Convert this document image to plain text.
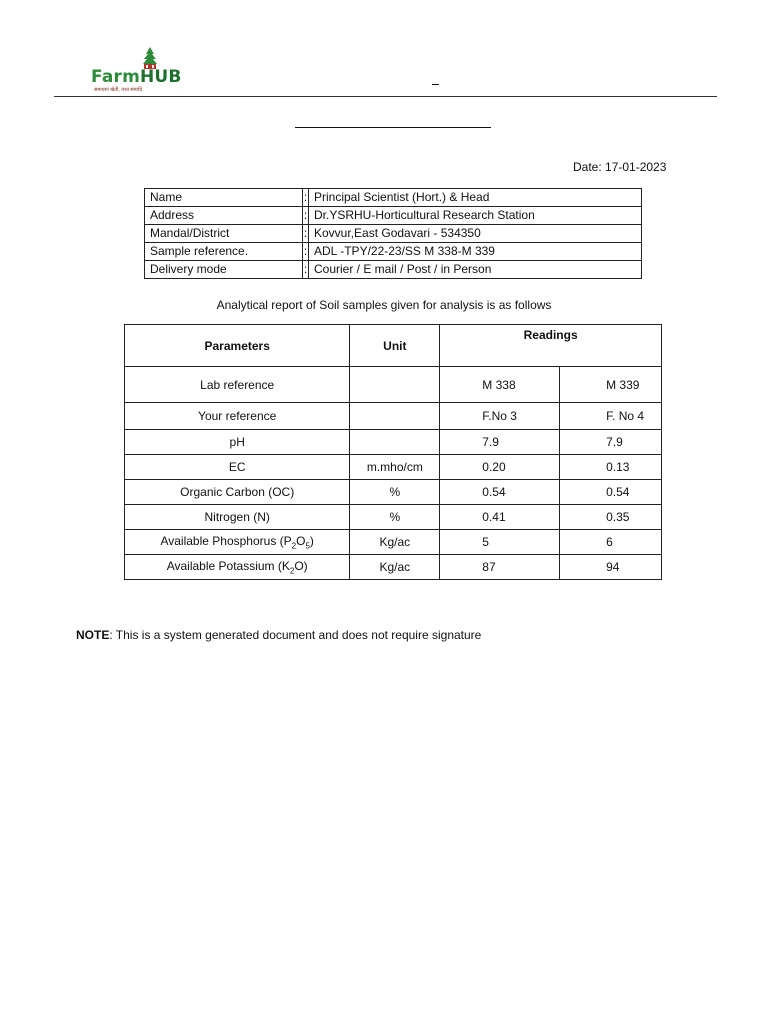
FarmHUB
समाधान खेती, तथ्य समाधि
Date: 17-01-2023
Name	:	Principal Scientist (Hort.) & Head
Address	:	Dr.YSRHU-Horticultural Research Station
Mandal/District	:	Kovvur,East Godavari - 534350
Sample reference.	:	ADL -TPY/22-23/SS M 338-M 339
Delivery mode	:	Courier / E mail / Post / in Person
Analytical report of Soil samples given for analysis is as follows
Parameters	Unit	Readings	
Lab reference		M 338	M 339
Your reference		F.No 3	F. No 4
pH		7.9	7.9
EC	m.mho/cm	0.20	0.13
Organic Carbon (OC)	%	0.54	0.54
Nitrogen (N)	%	0.41	0.35
Available Phosphorus $(P_2O_5)$	Kg/ac	5	6
Available Potassium $(K_2O)$	Kg/ac	87	94
NOTE: This is a system generated document and does not require signature
